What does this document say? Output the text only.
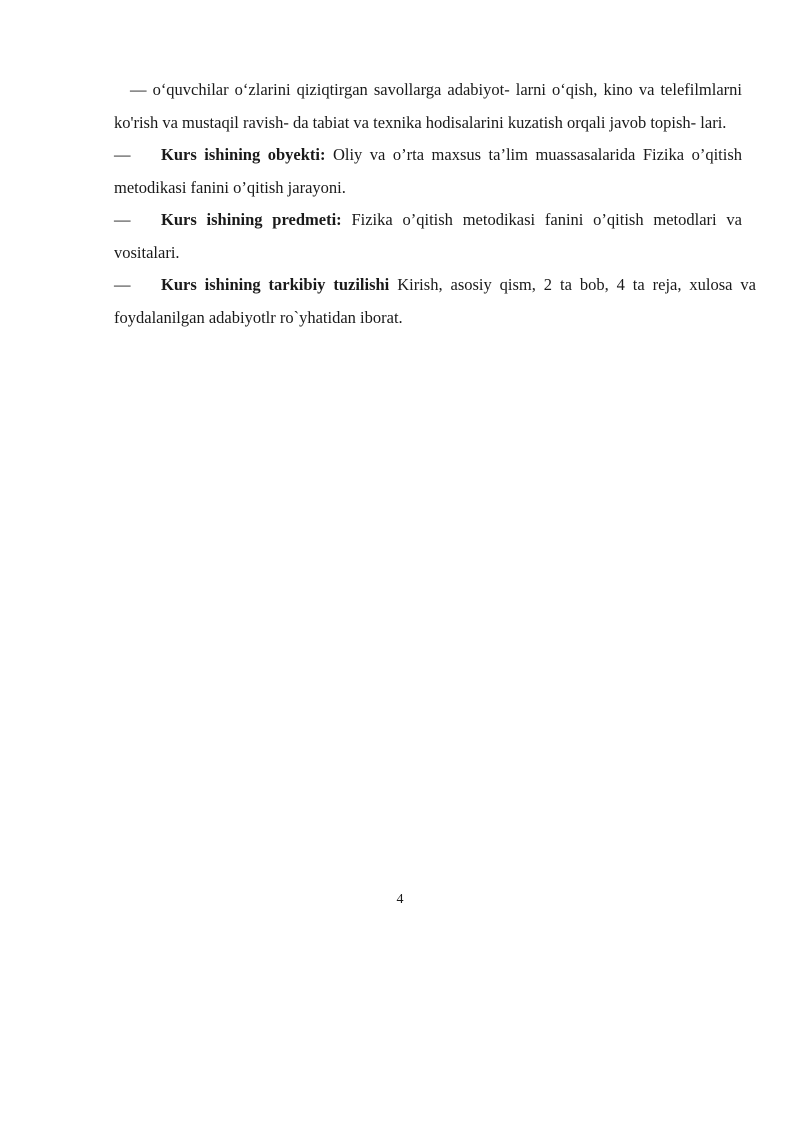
— o‘quvchilar o‘zlarini qiziqtirgan savollarga adabiyot- larni o‘qish, kino va telefilmlarni ko'rish va mustaqil ravish- da tabiat va texnika hodisalarini kuzatish orqali javob topish- lari.

— Kurs ishining obyekti: Oliy va o’rta maxsus ta’lim muassasalarida Fizika o’qitish metodikasi fanini o’qitish jarayoni.

— Kurs ishining predmeti: Fizika o’qitish metodikasi fanini o’qitish metodlari va vositalari.

— Kurs ishining tarkibiy tuzilishi Kirish, asosiy qism, 2 ta bob, 4 ta reja, xulosa va foydalanilgan adabiyotlr ro`yhatidan iborat.

4
